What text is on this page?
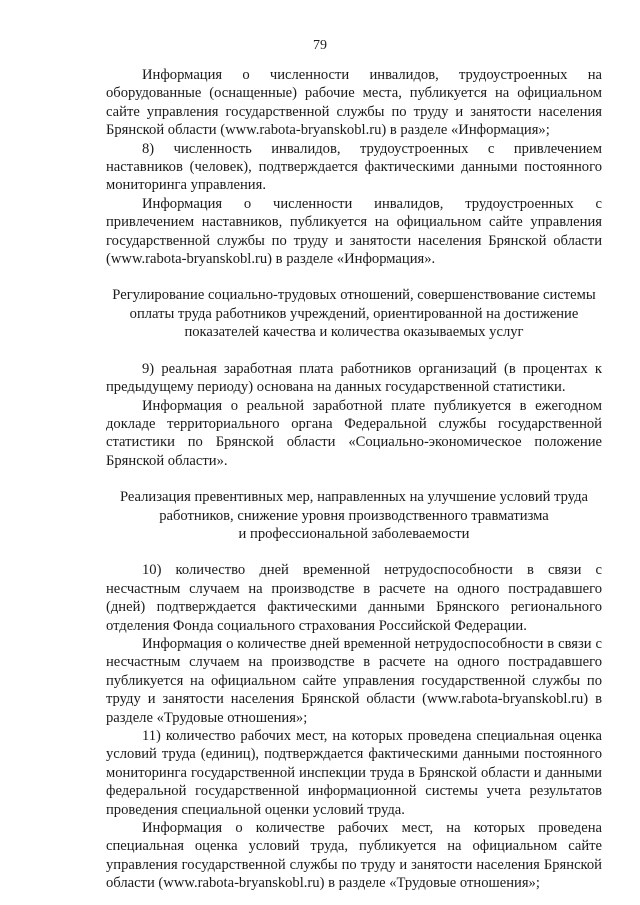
79

Информация о численности инвалидов, трудоустроенных на оборудованные (оснащенные) рабочие места, публикуется на официальном сайте управления государственной службы по труду и занятости населения Брянской области (www.rabota-bryanskobl.ru) в разделе «Информация»;

8) численность инвалидов, трудоустроенных с привлечением наставников (человек), подтверждается фактическими данными постоянного мониторинга управления.

Информация о численности инвалидов, трудоустроенных с привлечением наставников, публикуется на официальном сайте управления государственной службы по труду и занятости населения Брянской области (www.rabota-bryanskobl.ru) в разделе «Информация».

Регулирование социально-трудовых отношений, совершенствование системы
оплаты труда работников учреждений, ориентированной на достижение
показателей качества и количества оказываемых услуг

9) реальная заработная плата работников организаций (в процентах к предыдущему периоду) основана на данных государственной статистики.

Информация о реальной заработной плате публикуется в ежегодном докладе территориального органа Федеральной службы государственной статистики по Брянской области «Социально-экономическое положение Брянской области».

Реализация превентивных мер, направленных на улучшение условий труда
работников, снижение уровня производственного травматизма
и профессиональной заболеваемости

10) количество дней временной нетрудоспособности в связи с несчастным случаем на производстве в расчете на одного пострадавшего (дней) подтверждается фактическими данными Брянского регионального отделения Фонда социального страхования Российской Федерации.

Информация о количестве дней временной нетрудоспособности в связи с несчастным случаем на производстве в расчете на одного пострадавшего публикуется на официальном сайте управления государственной службы по труду и занятости населения Брянской области (www.rabota-bryanskobl.ru) в разделе «Трудовые отношения»;

11) количество рабочих мест, на которых проведена специальная оценка условий труда (единиц), подтверждается фактическими данными постоянного мониторинга государственной инспекции труда в Брянской области и данными федеральной государственной информационной системы учета результатов проведения специальной оценки условий труда.

Информация о количестве рабочих мест, на которых проведена специальная оценка условий труда, публикуется на официальном сайте управления государственной службы по труду и занятости населения Брянской области (www.rabota-bryanskobl.ru) в разделе «Трудовые отношения»;
